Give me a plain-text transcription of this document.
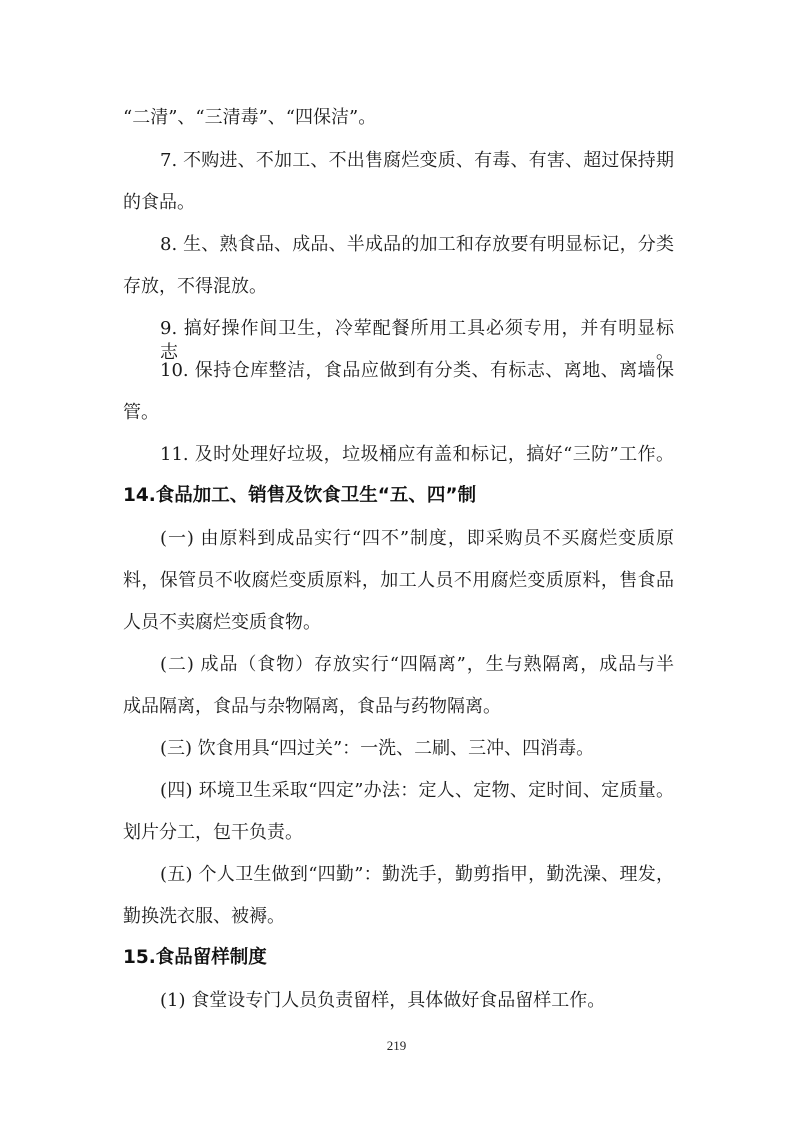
“二清”、“三清毒”、“四保洁”。
7. 不购进、不加工、不出售腐烂变质、有毒、有害、超过保持期
的食品。
8. 生、熟食品、成品、半成品的加工和存放要有明显标记，分类
存放，不得混放。
9. 搞好操作间卫生，冷荤配餐所用工具必须专用，并有明显标志。
10. 保持仓库整洁，食品应做到有分类、有标志、离地、离墙保
管。
11. 及时处理好垃圾，垃圾桶应有盖和标记，搞好“三防”工作。
14.食品加工、销售及饮食卫生“五、四”制
(一) 由原料到成品实行“四不”制度，即采购员不买腐烂变质原
料，保管员不收腐烂变质原料，加工人员不用腐烂变质原料，售食品
人员不卖腐烂变质食物。
(二) 成品（食物）存放实行“四隔离”，生与熟隔离，成品与半
成品隔离，食品与杂物隔离，食品与药物隔离。
(三) 饮食用具“四过关”：一洗、二刷、三冲、四消毒。
(四) 环境卫生采取“四定”办法：定人、定物、定时间、定质量。
划片分工，包干负责。
(五) 个人卫生做到“四勤”：勤洗手，勤剪指甲，勤洗澡、理发，
勤换洗衣服、被褥。
15.食品留样制度
(1) 食堂设专门人员负责留样，具体做好食品留样工作。
219
